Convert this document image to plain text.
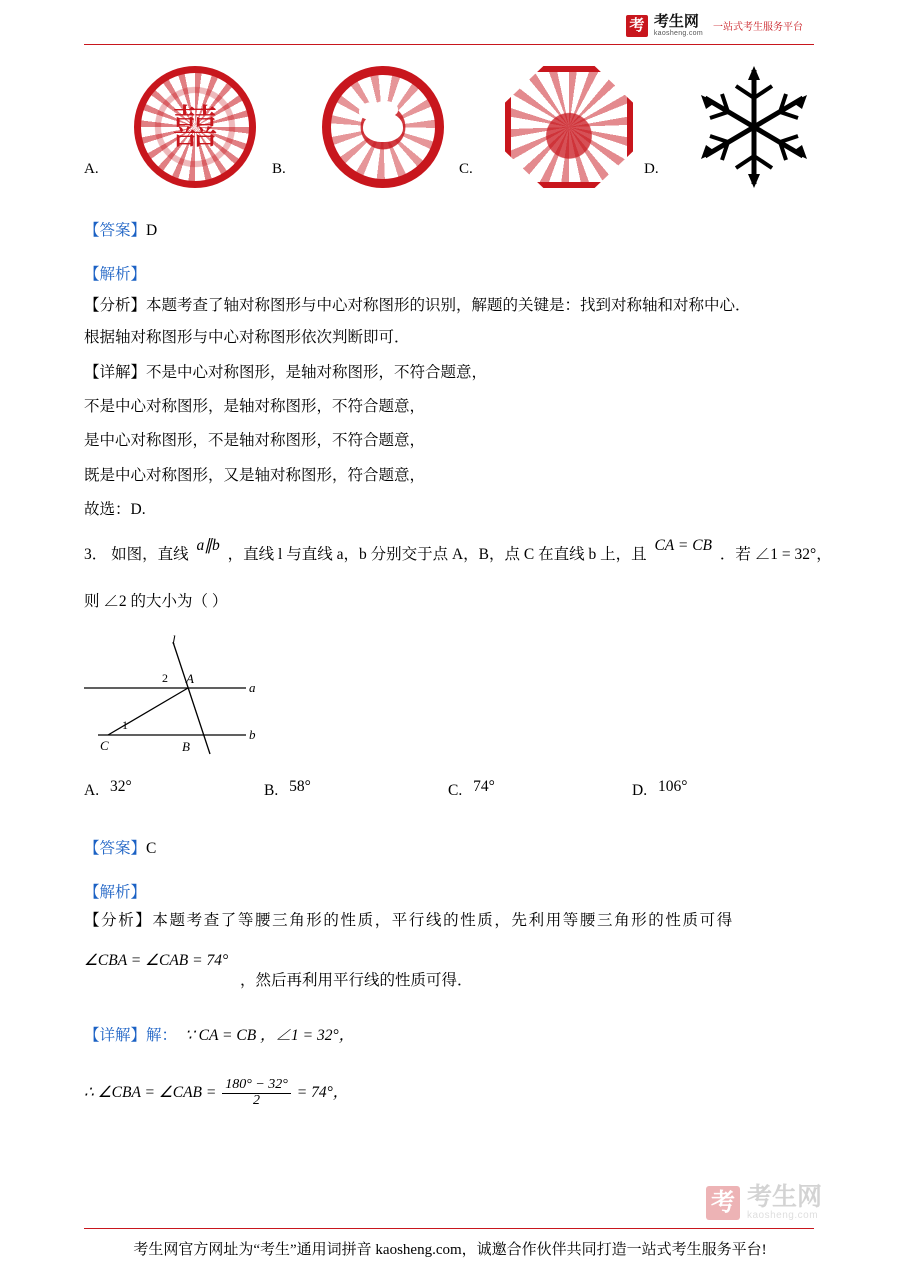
考 考生网
kaosheng.com
一站式考生服务平台
A. 囍	B.	C.	D.
【答案】D
【解析】
【分析】本题考查了轴对称图形与中心对称图形的识别，解题的关键是：找到对称轴和对称中心．
根据轴对称图形与中心对称图形依次判断即可．
【详解】不是中心对称图形，是轴对称图形，不符合题意，
不是中心对称图形，是轴对称图形，不符合题意，
是中心对称图形，不是轴对称图形，不符合题意，
既是中心对称图形，又是轴对称图形，符合题意，
故选：D.
3． 如图，直线 a∥b ，直线 l 与直线 a，b 分别交于点 A，B，点 C 在直线 b 上，且 CA = CB ．若 ∠1 = 32°，
则 ∠2 的大小为（ ）
l
a
b
A
C	B
2
1
A. 32°	B. 58°	C. 74°	D. 106°
【答案】C
【解析】
【分析】本题考查了等腰三角形的性质，平行线的性质，先利用等腰三角形的性质可得
∠CBA = ∠CAB = 74°
，然后再利用平行线的性质可得．
【详解】解： ∵ CA = CB ，∠1 = 32°，
∴ ∠CBA = ∠CAB = $\frac{180^\circ - 32^\circ}{2} = 74^\circ$，
考 考生网
kaosheng.com
考生网官方网址为“考生”通用词拼音 kaosheng.com，诚邀合作伙伴共同打造一站式考生服务平台!
